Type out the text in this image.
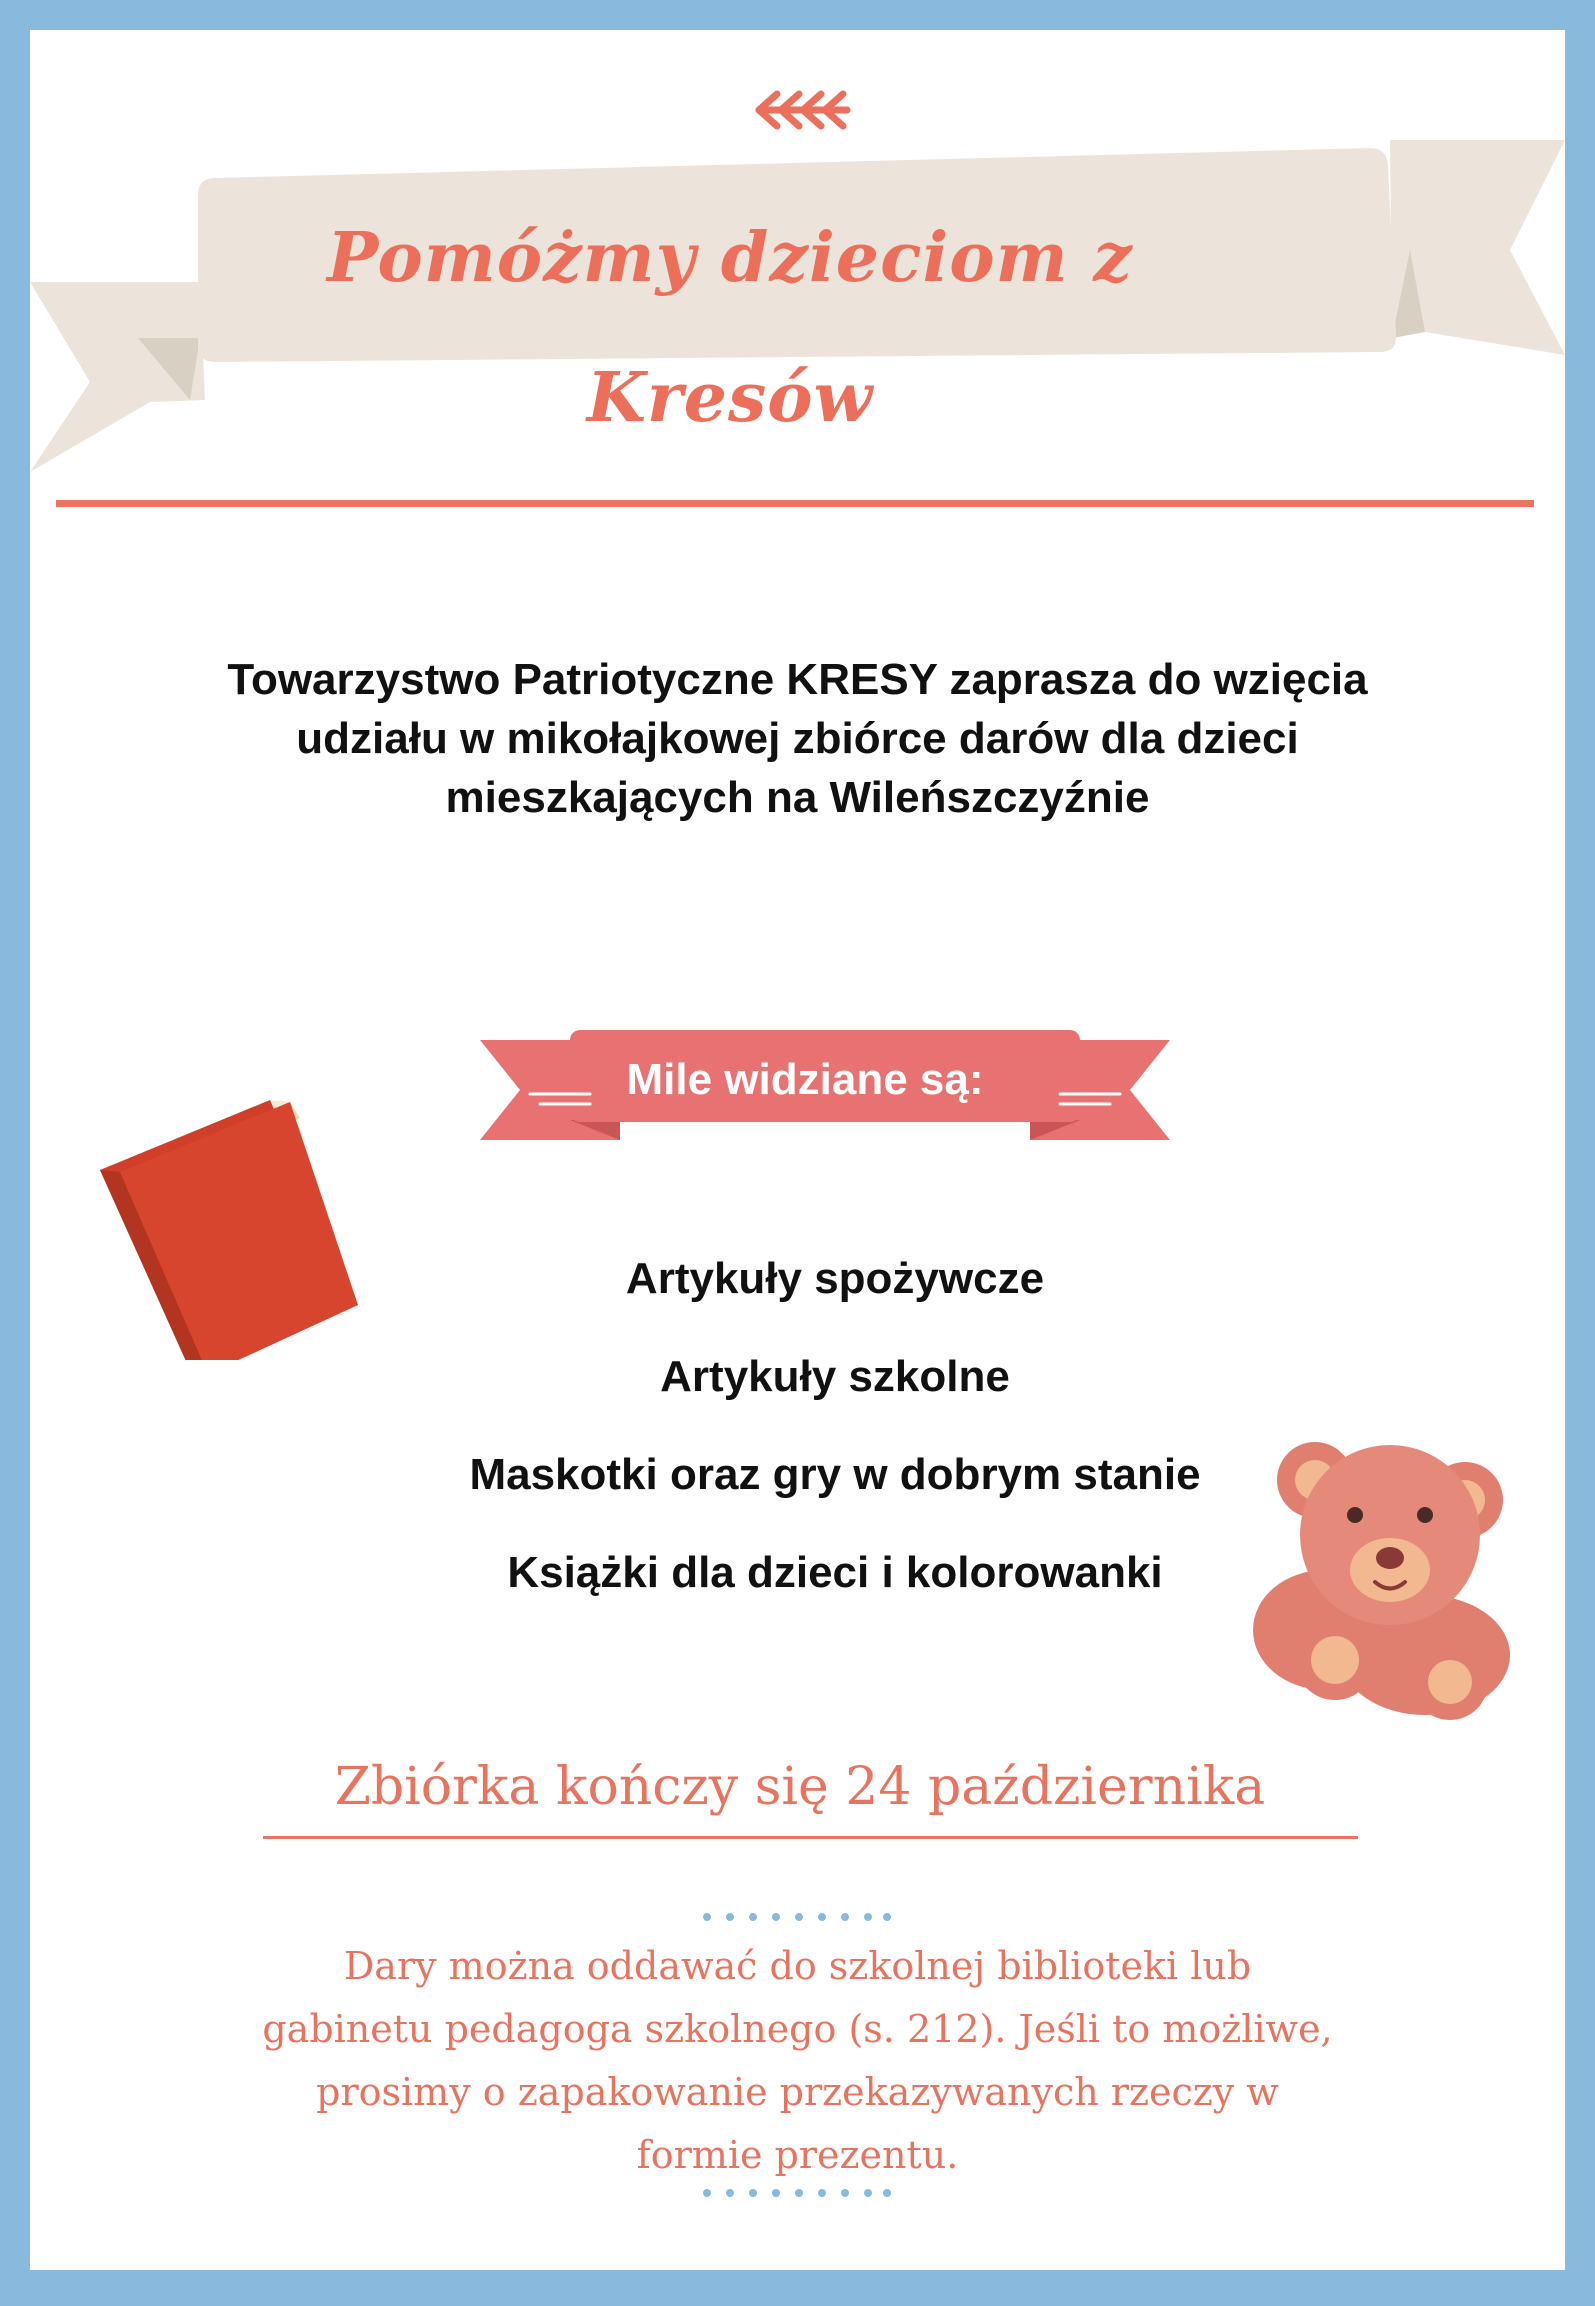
Pomóżmy dzieciom z Kresów
Towarzystwo Patriotyczne KRESY zaprasza do wzięcia
udziału w mikołajkowej zbiórce darów dla dzieci
mieszkających na Wileńszczyźnie
Mile widziane są:
Artykuły spożywcze
Artykuły szkolne
Maskotki oraz gry w dobrym stanie
Książki dla dzieci i kolorowanki
Zbiórka kończy się 24 października
Dary można oddawać do szkolnej biblioteki lub
gabinetu pedagoga szkolnego (s. 212). Jeśli to możliwe,
prosimy o zapakowanie przekazywanych rzeczy w
formie prezentu.
